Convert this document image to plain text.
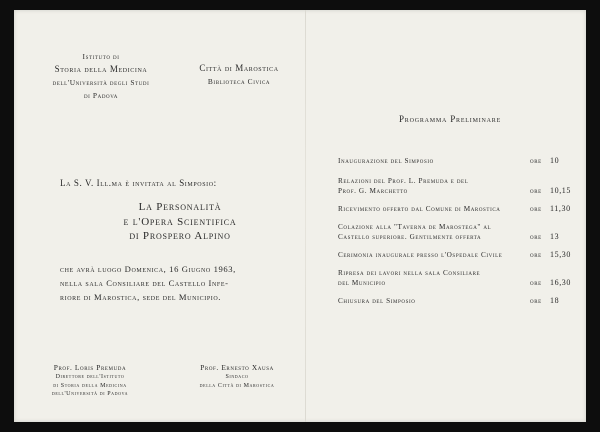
Istituto di
Storia della Medicina
dell'Università degli Studi
di Padova
Città di Marostica
Biblioteca Civica
La S. V. Ill.ma è invitata al Simposio:
La Personalità
e l'Opera Scientifica
di Prospero Alpino
che avrà luogo Domenica, 16 Giugno 1963,
nella sala Consiliare del Castello Infe-
riore di Marostica, sede del Municipio.
Prof. Loris Premuda
Direttore dell'Istituto
di Storia della Medicina
dell'Università di Padova
Prof. Ernesto Xausa
Sindaco
della Città di Marostica
Programma Preliminare
Inaugurazione del Simposio	ore 10
Relazioni del Prof. L. Premuda e del
Prof. G. Marchetto	ore 10,15
Ricevimento offerto dal Comune di Marostica	ore 11,30
Colazione alla "Taverna de Marostega" al
Castello superiore. Gentilmente offerta	ore 13
Cerimonia inaugurale presso l'Ospedale Civile	ore 15,30
Ripresa dei lavori nella sala Consiliare
del Municipio	ore 16,30
Chiusura del Simposio	ore 18
